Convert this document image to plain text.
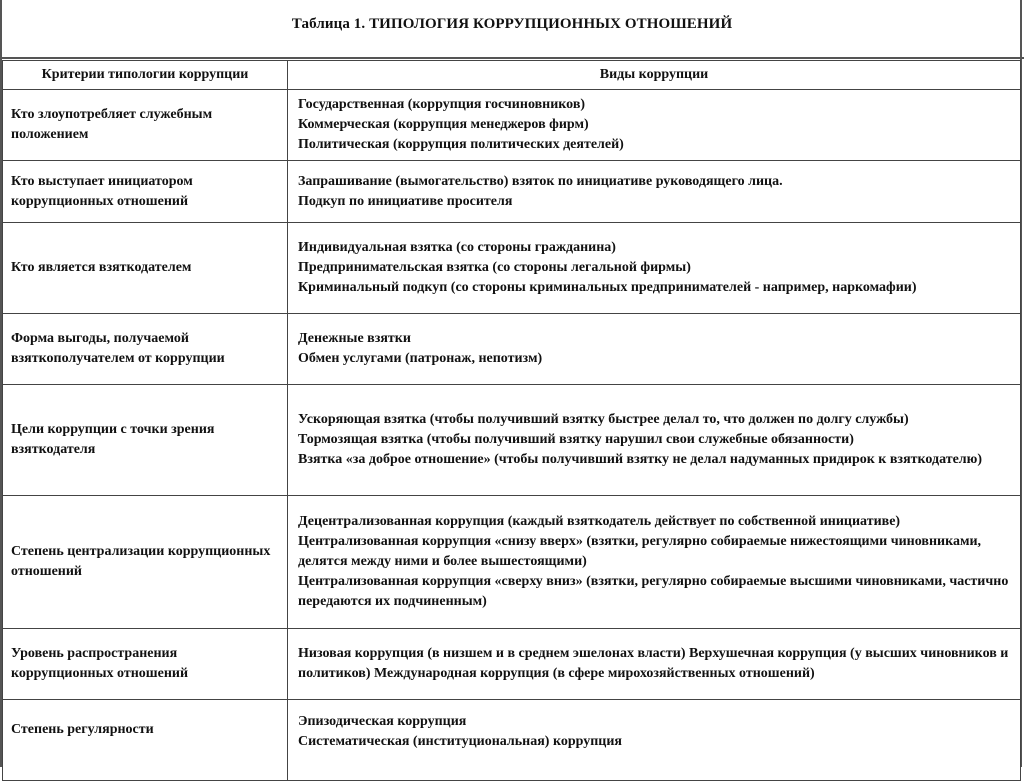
Таблица 1. ТИПОЛОГИЯ КОРРУПЦИОННЫХ ОТНОШЕНИЙ
Критерии типологии коррупции	Виды коррупции
Кто злоупотребляет служебным положением	Государственная (коррупция госчиновников)
Коммерческая (коррупция менеджеров фирм)
Политическая (коррупция политических деятелей)

Кто выступает инициатором коррупционных отношений	Запрашивание (вымогательство) взяток по инициативе руководящего лица.
Подкуп по инициативе просителя

Кто является взяткодателем	Индивидуальная взятка (со стороны гражданина)
Предпринимательская взятка (со стороны легальной фирмы)
Криминальный подкуп (со стороны криминальных предпринимателей - например, наркомафии)

Форма выгоды, получаемой взяткополучателем от коррупции	Денежные взятки
Обмен услугами (патронаж, непотизм)

Цели коррупции с точки зрения взяткодателя	Ускоряющая взятка (чтобы получивший взятку быстрее делал то, что должен по долгу службы)
Тормозящая взятка (чтобы получивший взятку нарушил свои служебные обязанности)
Взятка «за доброе отношение» (чтобы получивший взятку не делал надуманных придирок к взяткодателю)

Степень централизации коррупционных отношений	Децентрализованная коррупция (каждый взяткодатель действует по собственной инициативе)
Централизованная коррупция «снизу вверх» (взятки, регулярно собираемые нижестоящими чиновниками, делятся между ними и более вышестоящими)
Централизованная коррупция «сверху вниз» (взятки, регулярно собираемые высшими чиновниками, частично передаются их подчиненным)

Уровень распространения коррупционных отношений	Низовая коррупция (в низшем и в среднем эшелонах власти) Верхушечная коррупция (у высших чиновников и политиков) Международная коррупция (в сфере мирохозяйственных отношений)

Степень регулярности	Эпизодическая коррупция
Систематическая (институциональная) коррупция
